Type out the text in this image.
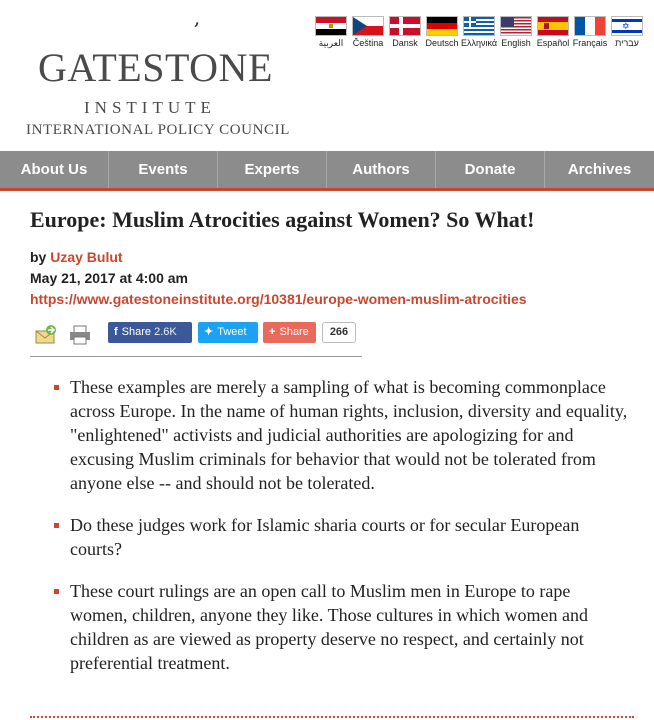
ʼ
GATESTONE
INSTITUTE
INTERNATIONAL POLICY COUNCIL
العربية	Čeština Dansk Deutsch Ελληνικά English Español Français
✡
עברית
About Us	Events	Experts	Authors	Donate	Archives
Europe: Muslim Atrocities against Women? So What!
by Uzay Bulut
May 21, 2017 at 4:00 am
https://www.gatestoneinstitute.org/10381/europe-women-muslim-atrocities
f Share 2.6K	✦ Tweet	+ Share	266
These examples are merely a sampling of what is becoming commonplace across Europe. In the name of human rights, inclusion, diversity and equality, "enlightened" activists and judicial authorities are apologizing for and excusing Muslim criminals for behavior that would not be tolerated from anyone else -- and should not be tolerated.
Do these judges work for Islamic sharia courts or for secular European courts?
These court rulings are an open call to Muslim men in Europe to rape women, children, anyone they like. Those cultures in which women and children as are viewed as property deserve no respect, and certainly not preferential treatment.
